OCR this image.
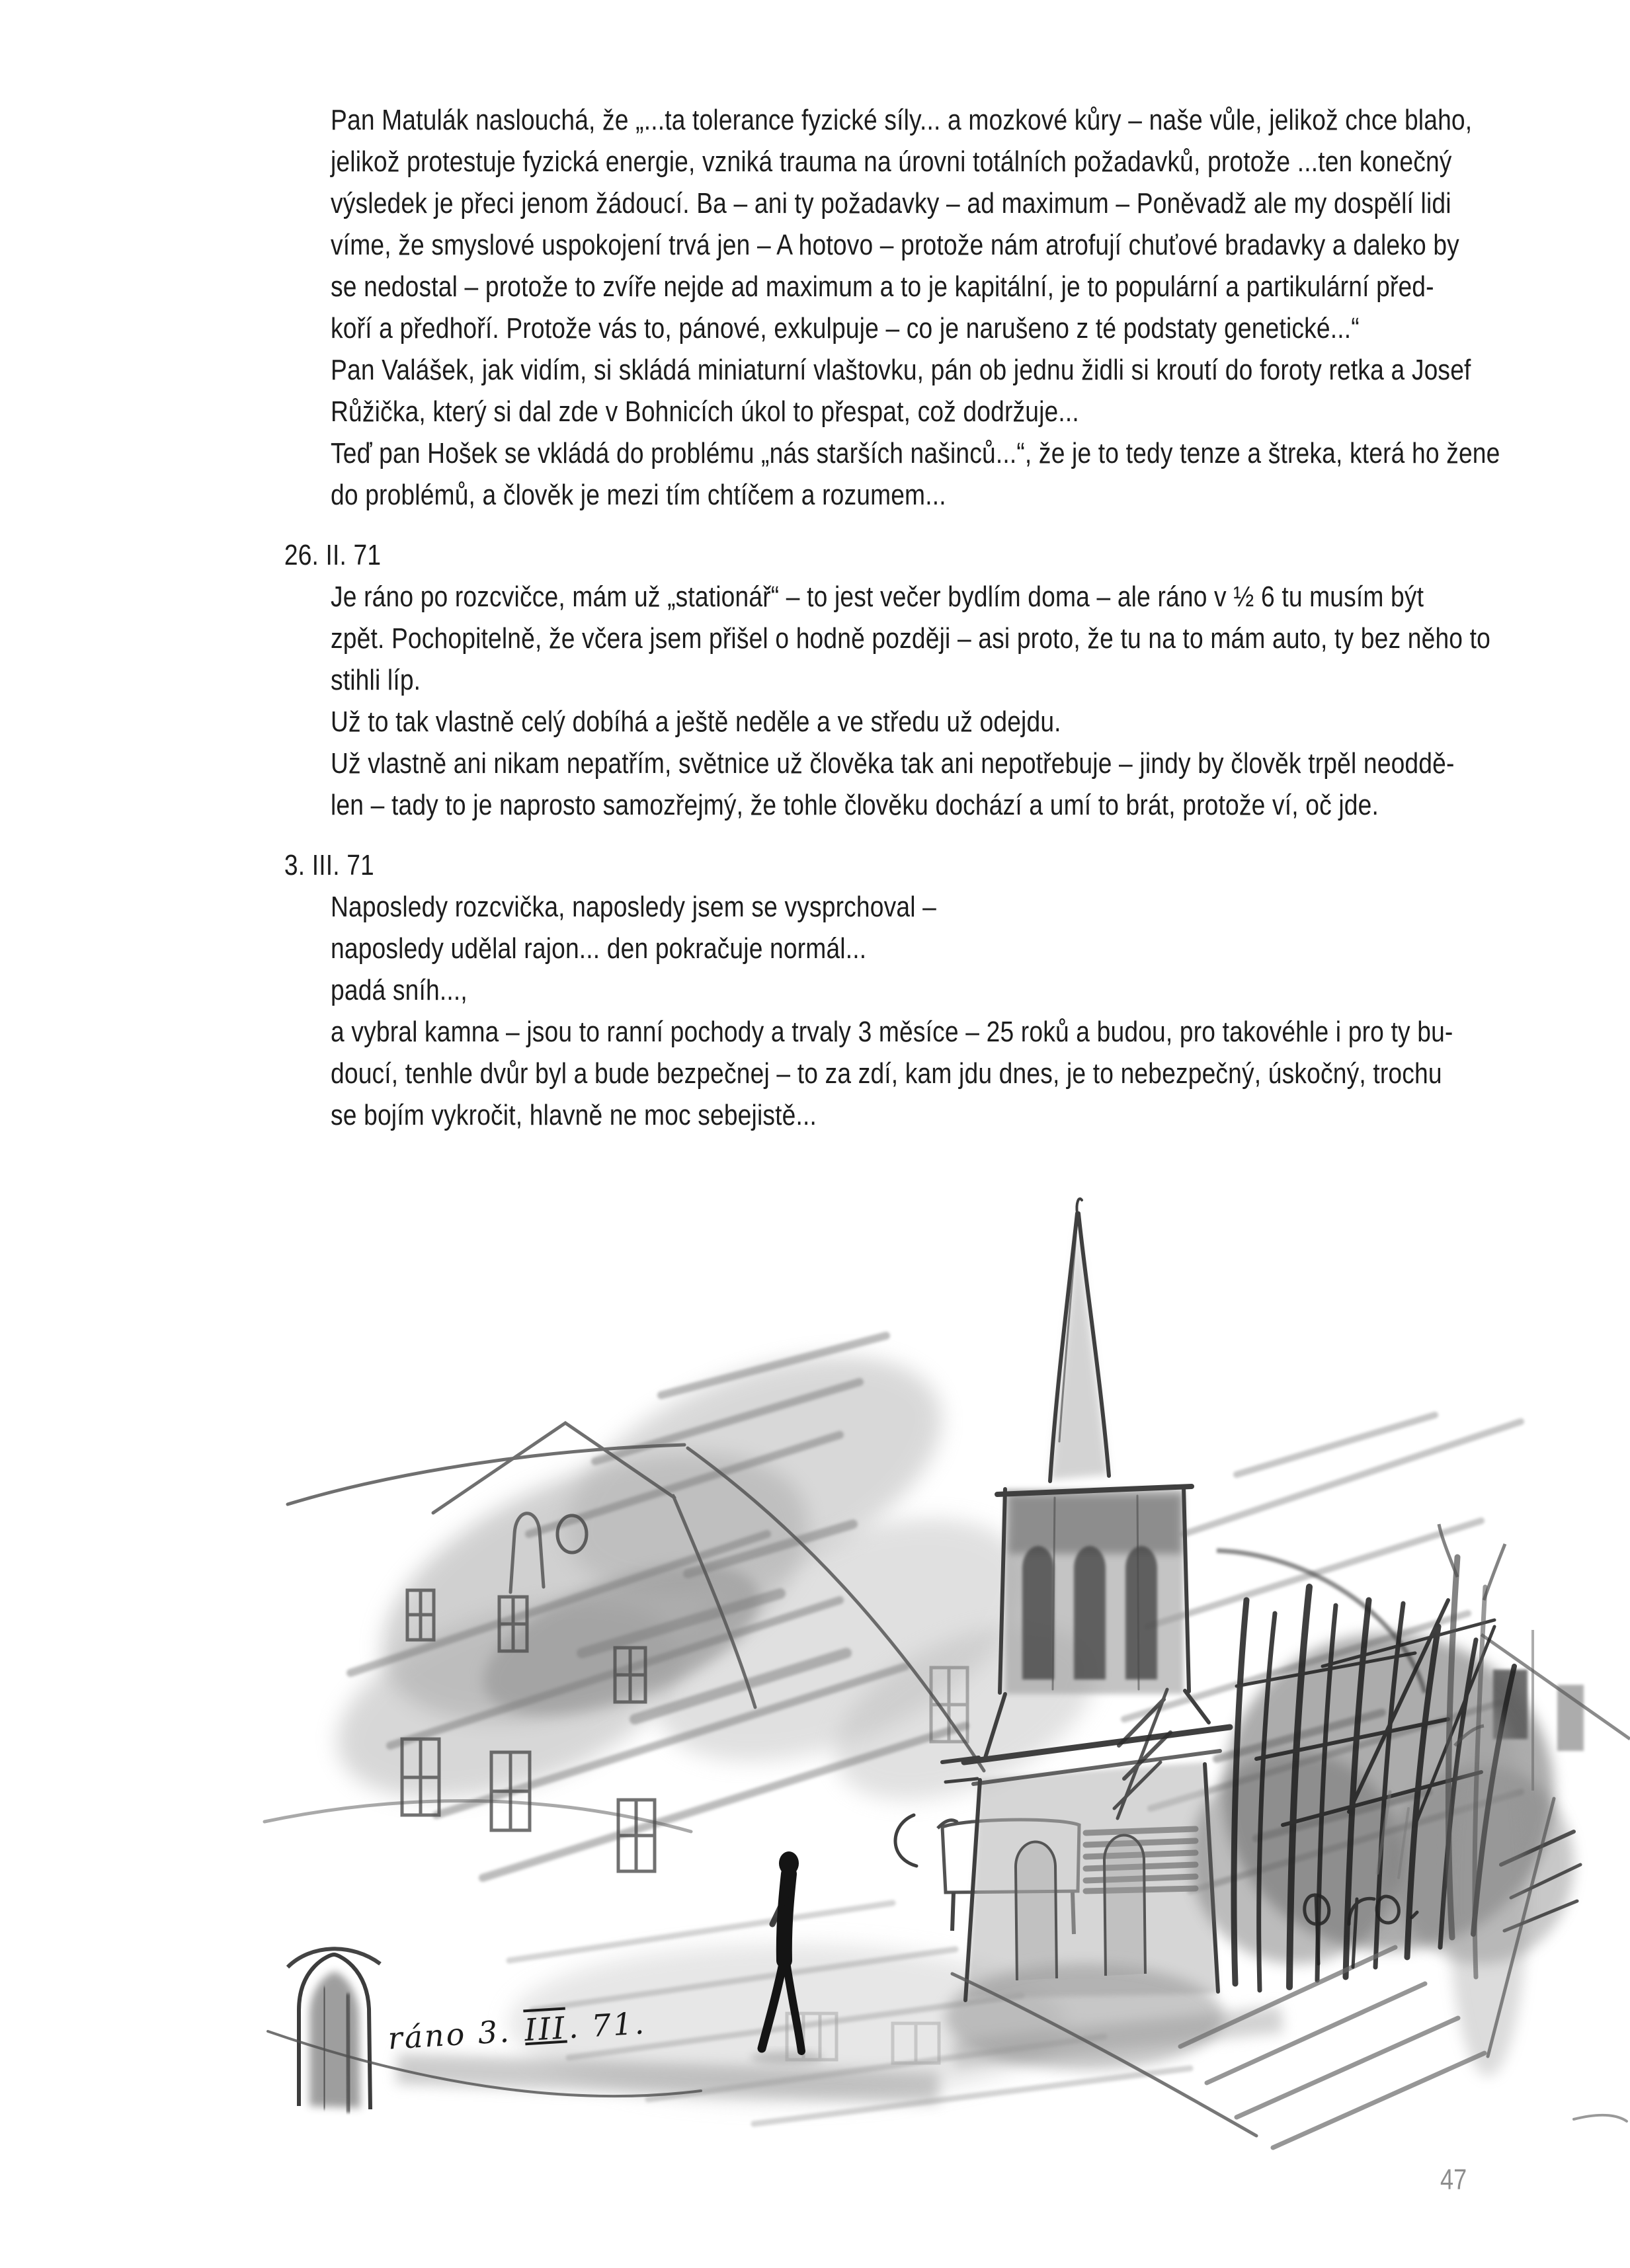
Pan Matulák naslouchá, že „...ta tolerance fyzické síly... a mozkové kůry – naše vůle, jelikož chce blaho,
jelikož protestuje fyzická energie, vzniká trauma na úrovni totálních požadavků, protože ...ten konečný
výsledek je přeci jenom žádoucí. Ba – ani ty požadavky – ad maximum – Poněvadž ale my dospělí lidi
víme, že smyslové uspokojení trvá jen – A hotovo – protože nám atrofují chuťové bradavky a daleko by
se nedostal – protože to zvíře nejde ad maximum a to je kapitální, je to populární a partikulární před-
koří a předhoří. Protože vás to, pánové, exkulpuje – co je narušeno z té podstaty genetické...“
Pan Valášek, jak vidím, si skládá miniaturní vlaštovku, pán ob jednu židli si kroutí do foroty retka a Josef
Růžička, který si dal zde v Bohnicích úkol to přespat, což dodržuje...
Teď pan Hošek se vkládá do problému „nás starších našinců...“, že je to tedy tenze a štreka, která ho žene
do problémů, a člověk je mezi tím chtíčem a rozumem...
26. II. 71
Je ráno po rozcvičce, mám už „stationář“ – to jest večer bydlím doma – ale ráno v ½ 6 tu musím být
zpět. Pochopitelně, že včera jsem přišel o hodně později – asi proto, že tu na to mám auto, ty bez něho to
stihli líp.
Už to tak vlastně celý dobíhá a ještě neděle a ve středu už odejdu.
Už vlastně ani nikam nepatřím, světnice už člověka tak ani nepotřebuje – jindy by člověk trpěl neoddě-
len – tady to je naprosto samozřejmý, že tohle člověku dochází a umí to brát, protože ví, oč jde.
3. III. 71
Naposledy rozcvička, naposledy jsem se vysprchoval –
naposledy udělal rajon... den pokračuje normál...
padá sníh...,
a vybral kamna – jsou to ranní pochody a trvaly 3 měsíce – 25 roků a budou, pro takovéhle i pro ty bu-
doucí, tenhle dvůr byl a bude bezpečnej – to za zdí, kam jdu dnes, je to nebezpečný, úskočný, trochu
se bojím vykročit, hlavně ne moc sebejistě...
ráno 3. III. 71.
47
